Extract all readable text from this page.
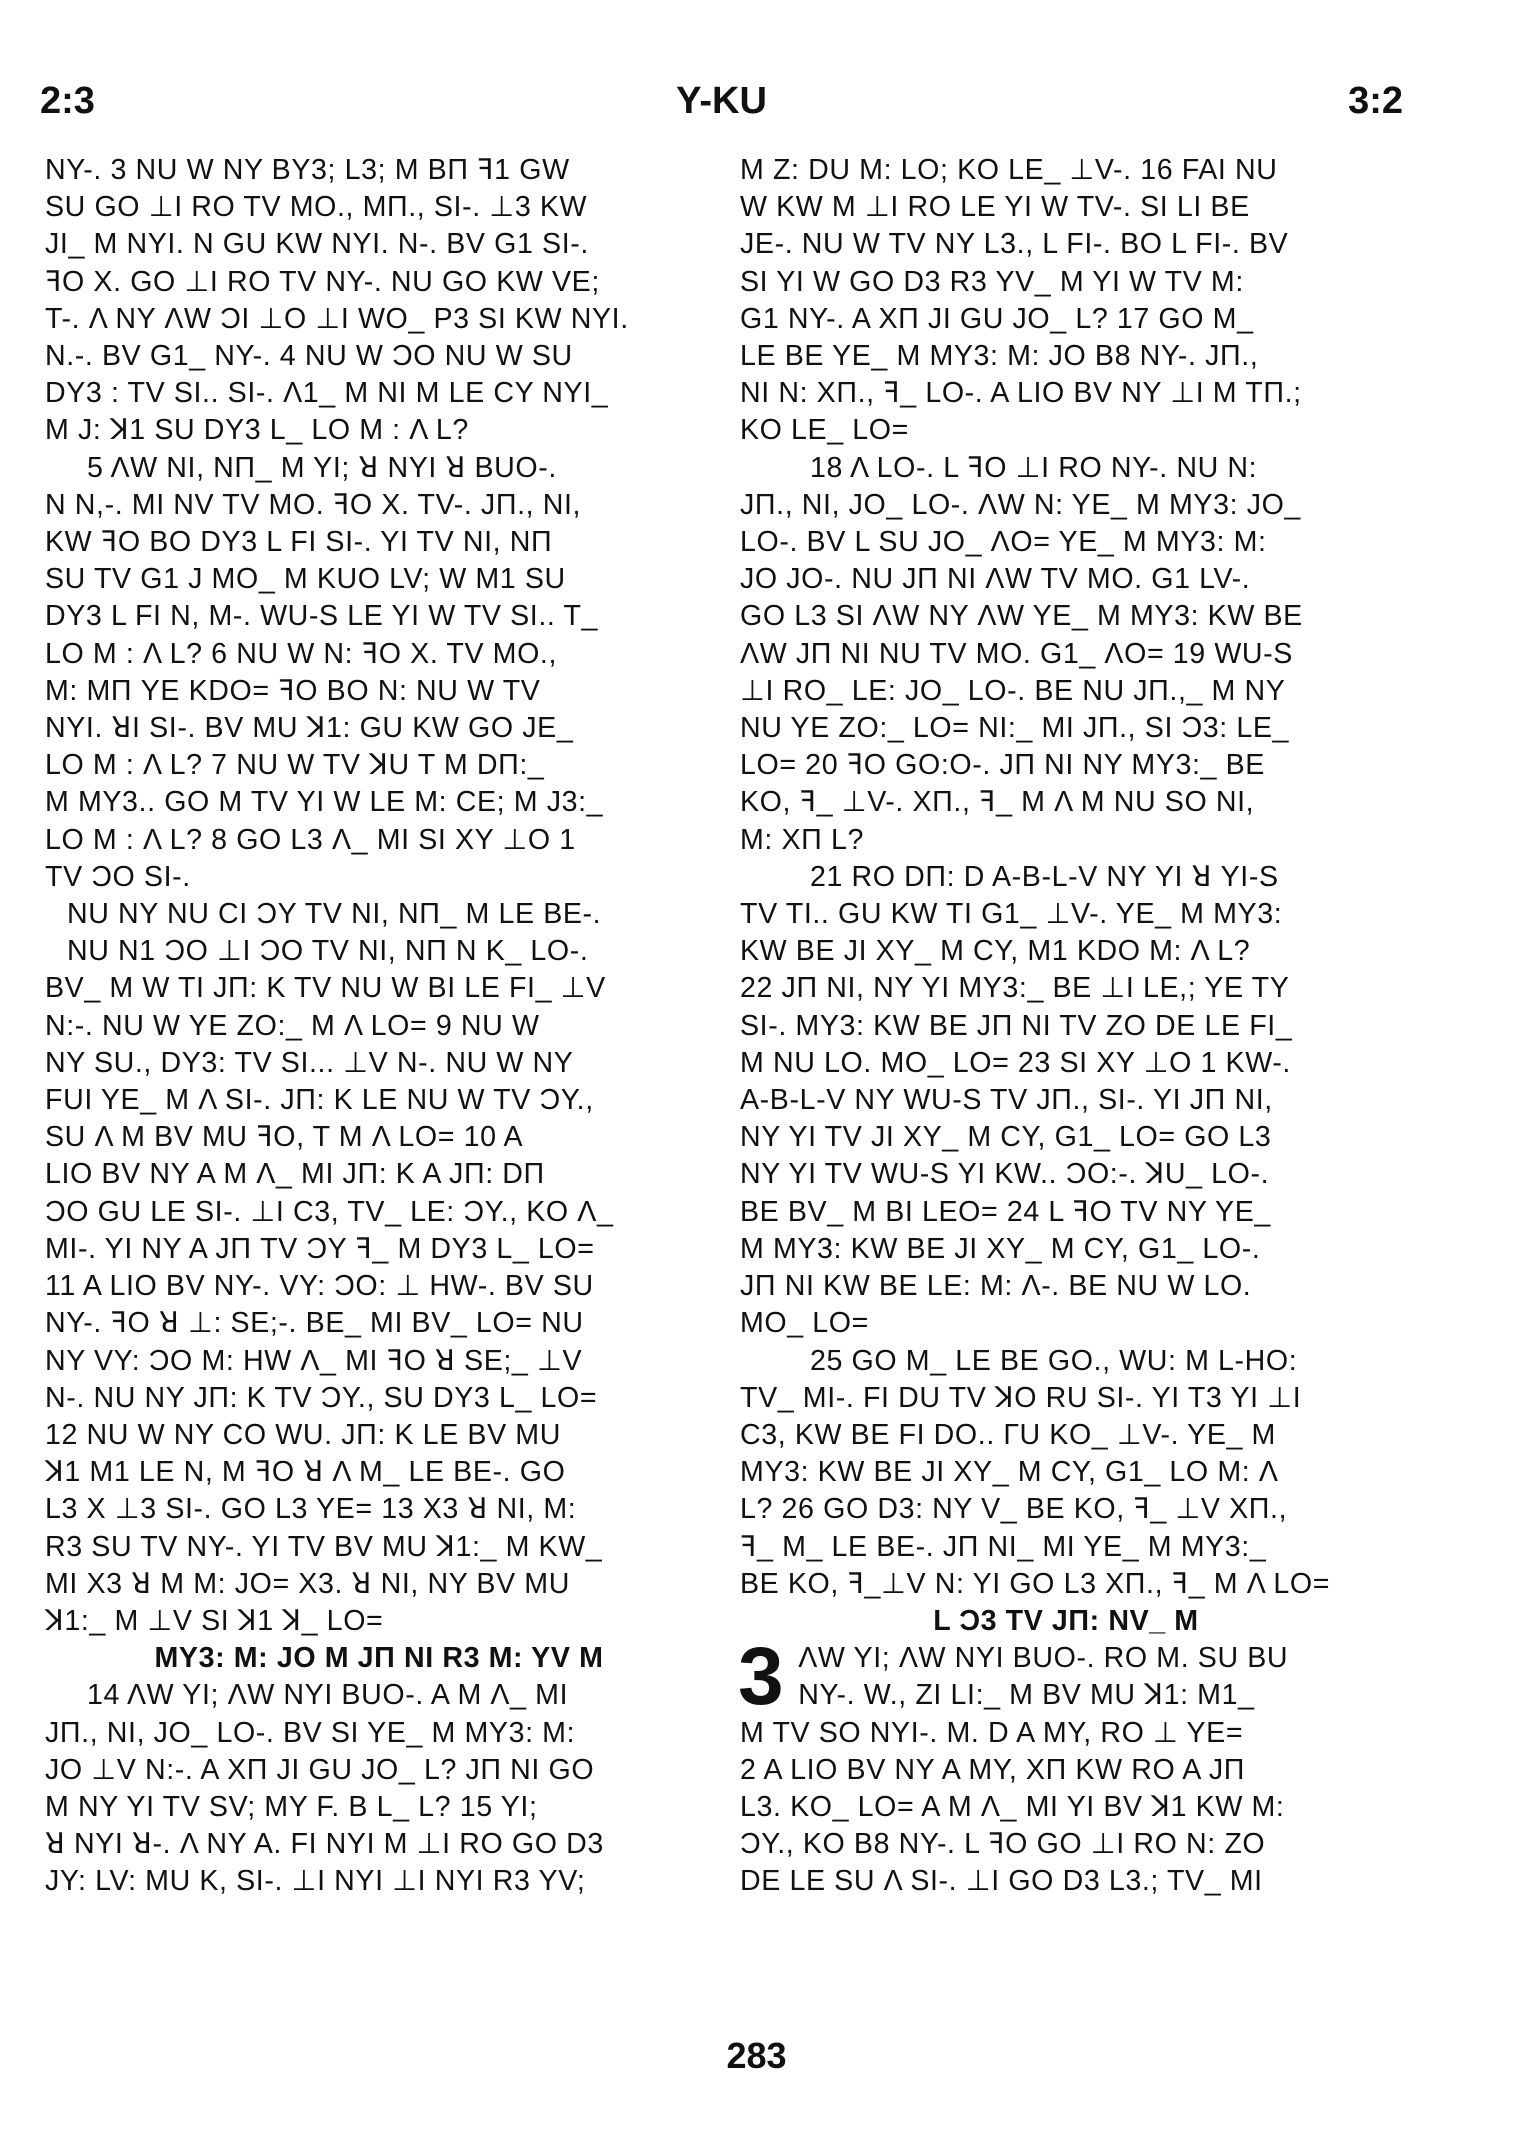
2:3	Y-KU	3:2
NY-. 3 NU W NY BY3; L3; M BΠ ꟻ1 GW
SU GO ⊥I RO TV MO., MΠ., SI-. ⊥3 KW
JI_ M NYI. N GU KW NYI. N-. BV G1 SI-.
ꟻO X. GO ⊥I RO TV NY-. NU GO KW VE;
T-. Λ NY ΛW ϽI ⊥O ⊥I WO_ P3 SI KW NYI.
N.-. BV G1_ NY-. 4 NU W ϽO NU W SU
DY3 : TV SI.. SI-. Λ1_ M NI M LE CY NYI_
M J: ꓘ1 SU DY3 L_ LO M : Λ L?
5 ΛW NI, NΠ_ M YI; ꓤ NYI ꓤ BUO-.
N N,-. MI NV TV MO. ꟻO X. TV-. JΠ., NI,
KW ꟻO BO DY3 L FI SI-. YI TV NI, NΠ
SU TV G1 J MO_ M KUO LV; W M1 SU
DY3 L FI N, M-. WU-S LE YI W TV SI.. T_
LO M : Λ L? 6 NU W N: ꟻO X. TV MO.,
M: MΠ YE KDO= ꟻO BO N: NU W TV
NYI. ꓤI SI-. BV MU ꓘ1: GU KW GO JE_
LO M : Λ L? 7 NU W TV ꓘU T M DΠ:_
M MY3.. GO M TV YI W LE M: CE; M J3:_
LO M : Λ L? 8 GO L3 Λ_ MI SI XY ⊥O 1
TV ϽO SI-.
NU NY NU CI ϽY TV NI, NΠ_ M LE BE-.
NU N1 ϽO ⊥I ϽO TV NI, NΠ N K_ LO-.
BV_ M W TI JΠ: K TV NU W BI LE FI_ ⊥V
N:-. NU W YE ZO:_ M Λ LO= 9 NU W
NY SU., DY3: TV SI... ⊥V N-. NU W NY
FUI YE_ M Λ SI-. JΠ: K LE NU W TV ϽY.,
SU Λ M BV MU ꟻO, T M Λ LO= 10 A
LIO BV NY A M Λ_ MI JΠ: K A JΠ: DΠ
ϽO GU LE SI-. ⊥I C3, TV_ LE: ϽY., KO Λ_
MI-. YI NY A JΠ TV ϽY ꟻ_ M DY3 L_ LO=
11 A LIO BV NY-. VY: ϽO: ⊥ HW-. BV SU
NY-. ꟻO ꓤ ⊥: SE;-. BE_ MI BV_ LO= NU
NY VY: ϽO M: HW Λ_ MI ꟻO ꓤ SE;_ ⊥V
N-. NU NY JΠ: K TV ϽY., SU DY3 L_ LO=
12 NU W NY CO WU. JΠ: K LE BV MU
ꓘ1 M1 LE N, M ꟻO ꓤ Λ M_ LE BE-. GO
L3 X ⊥3 SI-. GO L3 YE= 13 X3 ꓤ NI, M:
R3 SU TV NY-. YI TV BV MU ꓘ1:_ M KW_
MI X3 ꓤ M M: JO= X3. ꓤ NI, NY BV MU
ꓘ1:_ M ⊥V SI ꓘ1 ꓘ_ LO=
MY3: M: JO M JΠ NI R3 M: YV M
14 ΛW YI; ΛW NYI BUO-. A M Λ_ MI
JΠ., NI, JO_ LO-. BV SI YE_ M MY3: M:
JO ⊥V N:-. A XΠ JI GU JO_ L? JΠ NI GO
M NY YI TV SV; MY F. B L_ L? 15 YI;
ꓤ NYI ꓤ-. Λ NY A. FI NYI M ⊥I RO GO D3
JY: LV: MU K, SI-. ⊥I NYI ⊥I NYI R3 YV;
M Z: DU M: LO; KO LE_ ⊥V-. 16 FAI NU
W KW M ⊥I RO LE YI W TV-. SI LI BE
JE-. NU W TV NY L3., L FI-. BO L FI-. BV
SI YI W GO D3 R3 YV_ M YI W TV M:
G1 NY-. A XΠ JI GU JO_ L? 17 GO M_
LE BE YE_ M MY3: M: JO B8 NY-. JΠ.,
NI N: XΠ., ꟻ_ LO-. A LIO BV NY ⊥I M TΠ.;
KO LE_ LO=
18 Λ LO-. L ꟻO ⊥I RO NY-. NU N:
JΠ., NI, JO_ LO-. ΛW N: YE_ M MY3: JO_
LO-. BV L SU JO_ ΛO= YE_ M MY3: M:
JO JO-. NU JΠ NI ΛW TV MO. G1 LV-.
GO L3 SI ΛW NY ΛW YE_ M MY3: KW BE
ΛW JΠ NI NU TV MO. G1_ ΛO= 19 WU-S
⊥I RO_ LE: JO_ LO-. BE NU JΠ.,_ M NY
NU YE ZO:_ LO= NI:_ MI JΠ., SI Ͻ3: LE_
LO= 20 ꟻO GO:O-. JΠ NI NY MY3:_ BE
KO, ꟻ_ ⊥V-. XΠ., ꟻ_ M Λ M NU SO NI,
M: XΠ L?
21 RO DΠ: D A-B-L-V NY YI ꓤ YI-S
TV TI.. GU KW TI G1_ ⊥V-. YE_ M MY3:
KW BE JI XY_ M CY, M1 KDO M: Λ L?
22 JΠ NI, NY YI MY3:_ BE ⊥I LE,; YE TY
SI-. MY3: KW BE JΠ NI TV ZO DE LE FI_
M NU LO. MO_ LO= 23 SI XY ⊥O 1 KW-.
A-B-L-V NY WU-S TV JΠ., SI-. YI JΠ NI,
NY YI TV JI XY_ M CY, G1_ LO= GO L3
NY YI TV WU-S YI KW.. ϽO:-. ꓘU_ LO-.
BE BV_ M BI LEO= 24 L ꟻO TV NY YE_
M MY3: KW BE JI XY_ M CY, G1_ LO-.
JΠ NI KW BE LE: M: Λ-. BE NU W LO.
MO_ LO=
25 GO M_ LE BE GO., WU: M L-HO:
TV_ MI-. FI DU TV ꓘO RU SI-. YI T3 YI ⊥I
C3, KW BE FI DO.. ГU KO_ ⊥V-. YE_ M
MY3: KW BE JI XY_ M CY, G1_ LO M: Λ
L? 26 GO D3: NY V_ BE KO, ꟻ_ ⊥V XΠ.,
ꟻ_ M_ LE BE-. JΠ NI_ MI YE_ M MY3:_
BE KO, ꟻ_⊥V N: YI GO L3 XΠ., ꟻ_ M Λ LO=
L Ͻ3 TV JΠ: NV_ M
3 ΛW YI; ΛW NYI BUO-. RO M. SU BU
NY-. W., ZI LI:_ M BV MU ꓘ1: M1_
M TV SO NYI-. M. D A MY, RO ⊥ YE=
2 A LIO BV NY A MY, XΠ KW RO A JΠ
L3. KO_ LO= A M Λ_ MI YI BV ꓘ1 KW M:
ϽY., KO B8 NY-. L ꟻO GO ⊥I RO N: ZO
DE LE SU Λ SI-. ⊥I GO D3 L3.; TV_ MI
283
